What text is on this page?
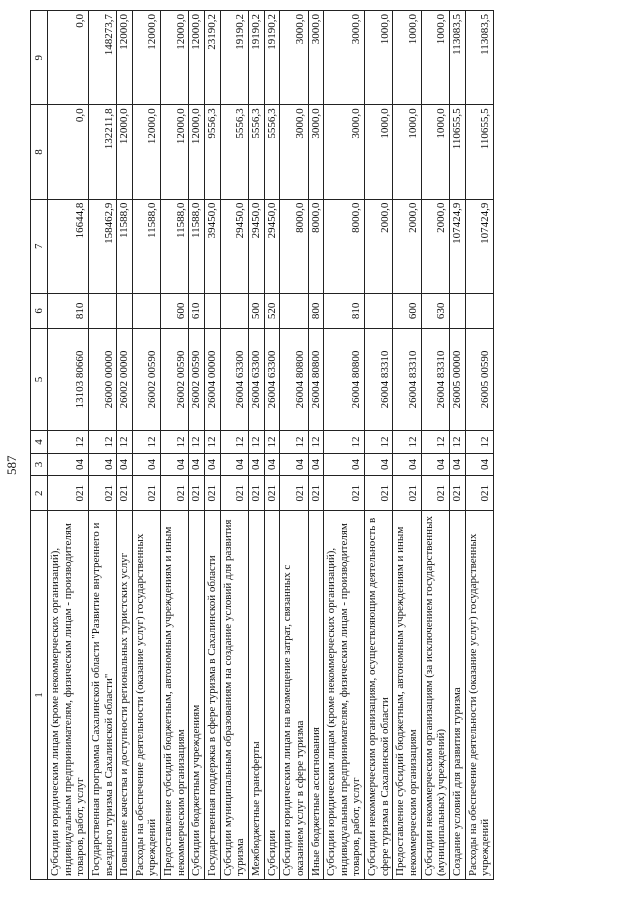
587
1	2	3	4	5	6	7	8	9
Субсидии юридическим лицам (кроме некоммерческих организаций), индивидуальным предпринимателям, физическим лицам - производителям товаров, работ, услуг	021	04	12	13103 80660	810	16644,8	0,0	0,0
Государственная программа Сахалинской области "Развитие внутреннего и въездного туризма в Сахалинской области"	021	04	12	26000 00000		158462,9	132211,8	148273,7
Повышение качества и доступности региональных туристских услуг	021	04	12	26002 00000		11588,0	12000,0	12000,0
Расходы на обеспечение деятельности (оказание услуг) государственных учреждений	021	04	12	26002 00590		11588,0	12000,0	12000,0
Предоставление субсидий бюджетным, автономным учреждениям и иным некоммерческим организациям	021	04	12	26002 00590	600	11588,0	12000,0	12000,0
Субсидии бюджетным учреждениям	021	04	12	26002 00590	610	11588,0	12000,0	12000,0
Государственная поддержка в сфере туризма в Сахалинской области	021	04	12	26004 00000		39450,0	9556,3	23190,2
Субсидии муниципальным образованиям на создание условий для развития туризма	021	04	12	26004 63300		29450,0	5556,3	19190,2
Межбюджетные трансферты	021	04	12	26004 63300	500	29450,0	5556,3	19190,2
Субсидии	021	04	12	26004 63300	520	29450,0	5556,3	19190,2
Субсидии юридическим лицам на возмещение затрат, связанных с оказанием услуг в сфере туризма	021	04	12	26004 80800		8000,0	3000,0	3000,0
Иные бюджетные ассигнования	021	04	12	26004 80800	800	8000,0	3000,0	3000,0
Субсидии юридическим лицам (кроме некоммерческих организаций), индивидуальным предпринимателям, физическим лицам - производителям товаров, работ, услуг	021	04	12	26004 80800	810	8000,0	3000,0	3000,0
Субсидии некоммерческим организациям, осуществляющим деятельность в сфере туризма в Сахалинской области	021	04	12	26004 83310		2000,0	1000,0	1000,0
Предоставление субсидий бюджетным, автономным учреждениям и иным некоммерческим организациям	021	04	12	26004 83310	600	2000,0	1000,0	1000,0
Субсидии некоммерческим организациям (за исключением государственных (муниципальных) учреждений)	021	04	12	26004 83310	630	2000,0	1000,0	1000,0
Создание условий для развития туризма	021	04	12	26005 00000		107424,9	110655,5	113083,5
Расходы на обеспечение деятельности (оказание услуг) государственных учреждений	021	04	12	26005 00590		107424,9	110655,5	113083,5
